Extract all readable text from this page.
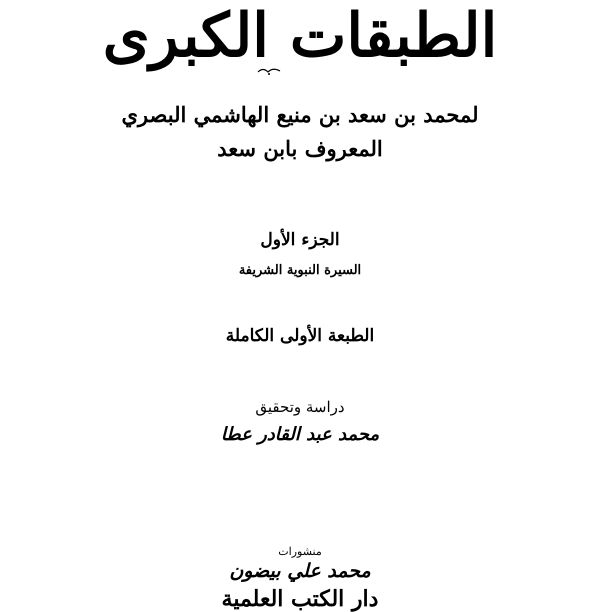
الطبقات الكبرى
لمحمد بن سعد بن منيع الهاشمي البصري
المعروف بابن سعد
الجزء الأول
السيرة النبوية الشريفة
الطبعة الأولى الكاملة
دراسة وتحقيق
محمد عبد القادر عطا
منشورات
محمد علي بيضون
دار الكتب العلمية
